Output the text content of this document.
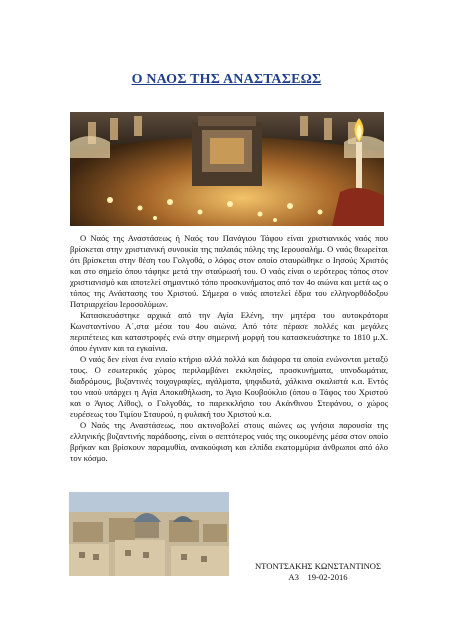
Ο ΝΑΟΣ ΤΗΣ ΑΝΑΣΤΑΣΕΩΣ

Ο Ναός της Αναστάσεως ή Ναός του Πανάγιου Τάφου είναι χριστιανικός ναός που βρίσκεται στην χριστιανική συνοικία της παλαιάς πόλης της Ιερουσαλήμ. Ο ναός θεωρείται ότι βρίσκεται στην θέση του Γολγοθά, ο λόφος στον οποίο σταυρώθηκε ο Ιησούς Χριστός και στο σημείο όπου τάφηκε μετά την σταύρωσή του. Ο ναός είναι ο ιερότερος τόπος στον χριστιανισμό και αποτελεί σημαντικό τόπο προσκυνήματος από τον 4ο αιώνα και μετά ως ο τόπος της Ανάστασης του Χριστού. Σήμερα ο ναός αποτελεί έδρα του ελληνορθόδοξου Πατριαρχείου Ιεροσολύμων.

Κατασκευάστηκε αρχικά από την Αγία Ελένη, την μητέρα του αυτοκράτορα Κωνσταντίνου Α΄,στα μέσα του 4ου αιώνα. Από τότε πέρασε πολλές και μεγάλες περιπέτειες και καταστροφές ενώ στην σημερινή μορφή του κατασκευάστηκε το 1810 μ.Χ. όπου έγιναν και τα εγκαίνια.

Ο ναός δεν είναι ένα ενιαίο κτήριο αλλά πολλά και διάφορα τα οποία ενώνονται μεταξύ τους. Ο εσωτερικός χώρος περιλαμβάνει εκκλησίες, προσκυνήματα, υπνοδωμάτια, διαδρόμους, βυζαντινές τοιχογραφίες, αγάλματα, ψηφιδωτά, χάλκινα σκαλιστά κ.α. Εντός του ναού υπάρχει η Αγία Αποκαθήλωση, το Άγιο Κουβούκλιο (όπου ο Τάφος του Χριστού και ο Άγιος Λίθος), ο Γολγοθάς, το παρεκκλήσιο του Ακάνθινου Στεφάνου, ο χώρος ευρέσεως του Τιμίου Σταυρού, η φυλακή του Χριστού κ.α.

Ο Ναός της Αναστάσεως, που ακτινοβολεί στους αιώνες ως γνήσια παρουσία της ελληνικής βυζαντινής παράδοσης, είναι ο σεπτότερος ναός της οικουμένης μέσα στον οποίο βρήκαν και βρίσκουν παραμυθία, ανακούφιση και ελπίδα εκατομμύρια άνθρωποι από όλο τον κόσμο.

ΝΤΟΝΤΣΑΚΗΣ ΚΩΝΣΤΑΝΤΙΝΟΣ
Α3    19-02-2016
